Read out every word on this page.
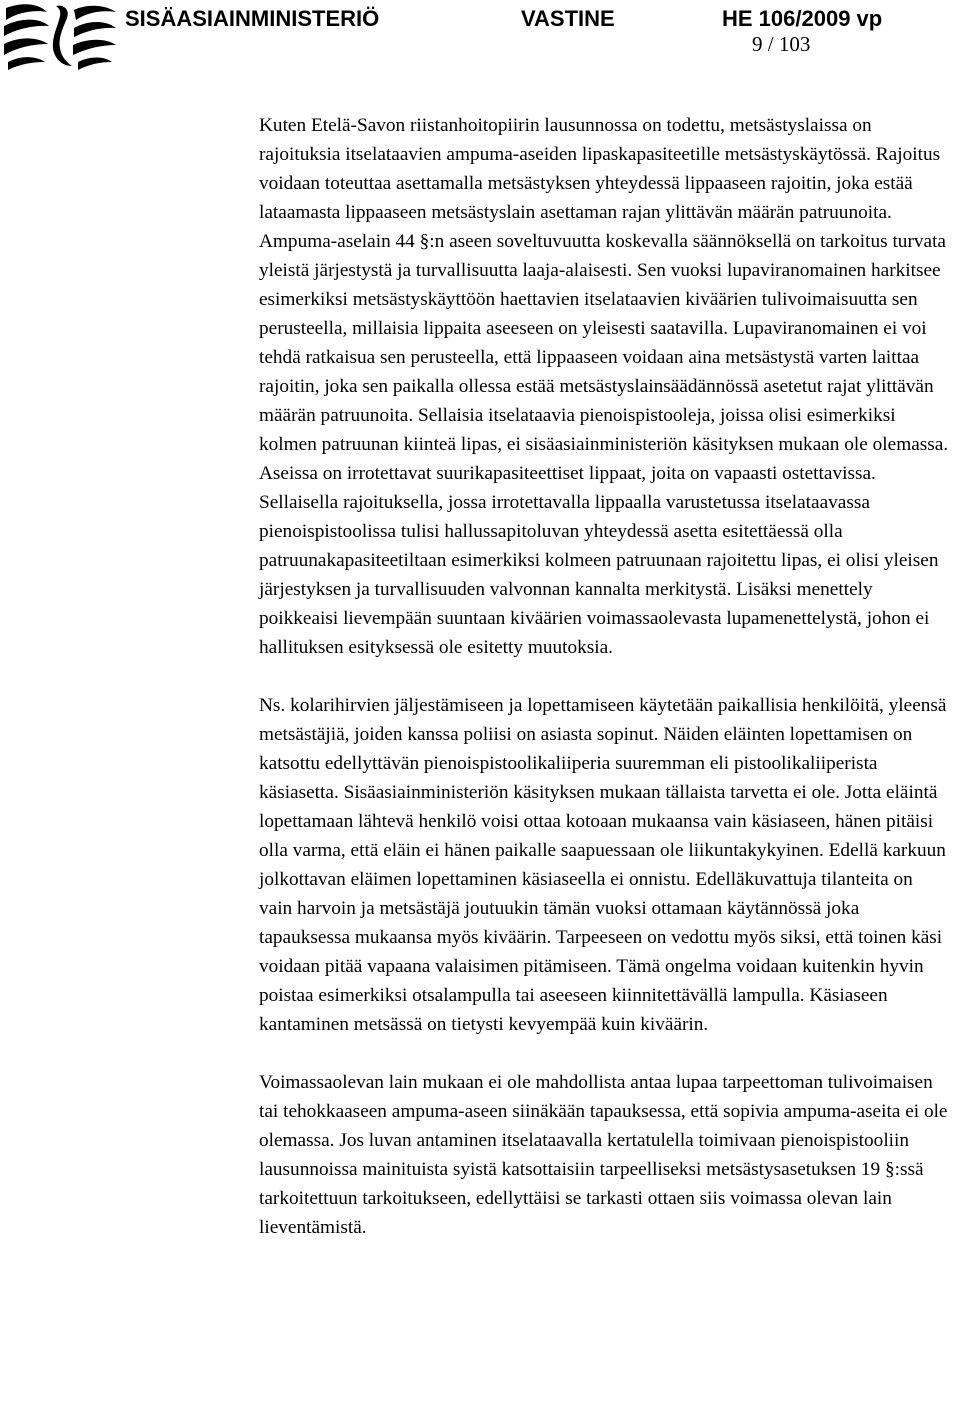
SISÄASIAINMINISTERIÖ	VASTINE	HE 106/2009 vp
9 / 103

Kuten Etelä-Savon riistanhoitopiirin lausunnossa on todettu, metsästyslaissa on rajoituksia itselataavien ampuma-aseiden lipaskapasiteetille metsästyskäytössä. Rajoitus voidaan toteuttaa asettamalla metsästyksen yhteydessä lippaaseen rajoitin, joka estää lataamasta lippaaseen metsästyslain asettaman rajan ylittävän määrän patruunoita. Ampuma-aselain 44 §:n aseen soveltuvuutta koskevalla säännöksellä on tarkoitus turvata yleistä järjestystä ja turvallisuutta laaja-alaisesti. Sen vuoksi lupaviranomainen harkitsee esimerkiksi metsästyskäyttöön haettavien itselataavien kiväärien tulivoimaisuutta sen perusteella, millaisia lippaita aseeseen on yleisesti saatavilla. Lupaviranomainen ei voi tehdä ratkaisua sen perusteella, että lippaaseen voidaan aina metsästystä varten laittaa rajoitin, joka sen paikalla ollessa estää metsästyslainsäädännössä asetetut rajat ylittävän määrän patruunoita. Sellaisia itselataavia pienoispistooleja, joissa olisi esimerkiksi kolmen patruunan kiinteä lipas, ei sisäasiainministeriön käsityksen mukaan ole olemassa. Aseissa on irrotettavat suurikapasiteettiset lippaat, joita on vapaasti ostettavissa. Sellaisella rajoituksella, jossa irrotettavalla lippaalla varustetussa itselataavassa pienoispistoolissa tulisi hallussapitoluvan yhteydessä asetta esitettäessä olla patruunakapasiteetiltaan esimerkiksi kolmeen patruunaan rajoitettu lipas, ei olisi yleisen järjestyksen ja turvallisuuden valvonnan kannalta merkitystä. Lisäksi menettely poikkeaisi lievempään suuntaan kiväärien voimassaolevasta lupamenettelystä, johon ei hallituksen esityksessä ole esitetty muutoksia.

Ns. kolarihirvien jäljestämiseen ja lopettamiseen käytetään paikallisia henkilöitä, yleensä metsästäjiä, joiden kanssa poliisi on asiasta sopinut. Näiden eläinten lopettamisen on katsottu edellyttävän pienoispistoolikaliiperia suuremman eli pistoolikaliiperista käsiasetta. Sisäasiainministeriön käsityksen mukaan tällaista tarvetta ei ole. Jotta eläintä lopettamaan lähtevä henkilö voisi ottaa kotoaan mukaansa vain käsiaseen, hänen pitäisi olla varma, että eläin ei hänen paikalle saapuessaan ole liikuntakykyinen. Edellä karkuun jolkottavan eläimen lopettaminen käsiaseella ei onnistu. Edelläkuvattuja tilanteita on vain harvoin ja metsästäjä joutuukin tämän vuoksi ottamaan käytännössä joka tapauksessa mukaansa myös kiväärin. Tarpeeseen on vedottu myös siksi, että toinen käsi voidaan pitää vapaana valaisimen pitämiseen. Tämä ongelma voidaan kuitenkin hyvin poistaa esimerkiksi otsalampulla tai aseeseen kiinnitettävällä lampulla. Käsiaseen kantaminen metsässä on tietysti kevyempää kuin kiväärin.

Voimassaolevan lain mukaan ei ole mahdollista antaa lupaa tarpeettoman tulivoimaisen tai tehokkaaseen ampuma-aseen siinäkään tapauksessa, että sopivia ampuma-aseita ei ole olemassa. Jos luvan antaminen itselataavalla kertatulella toimivaan pienoispistooliin lausunnoissa mainituista syistä katsottaisiin tarpeelliseksi metsästysasetuksen 19 §:ssä tarkoitettuun tarkoitukseen, edellyttäisi se tarkasti ottaen siis voimassa olevan lain lieventämistä.
